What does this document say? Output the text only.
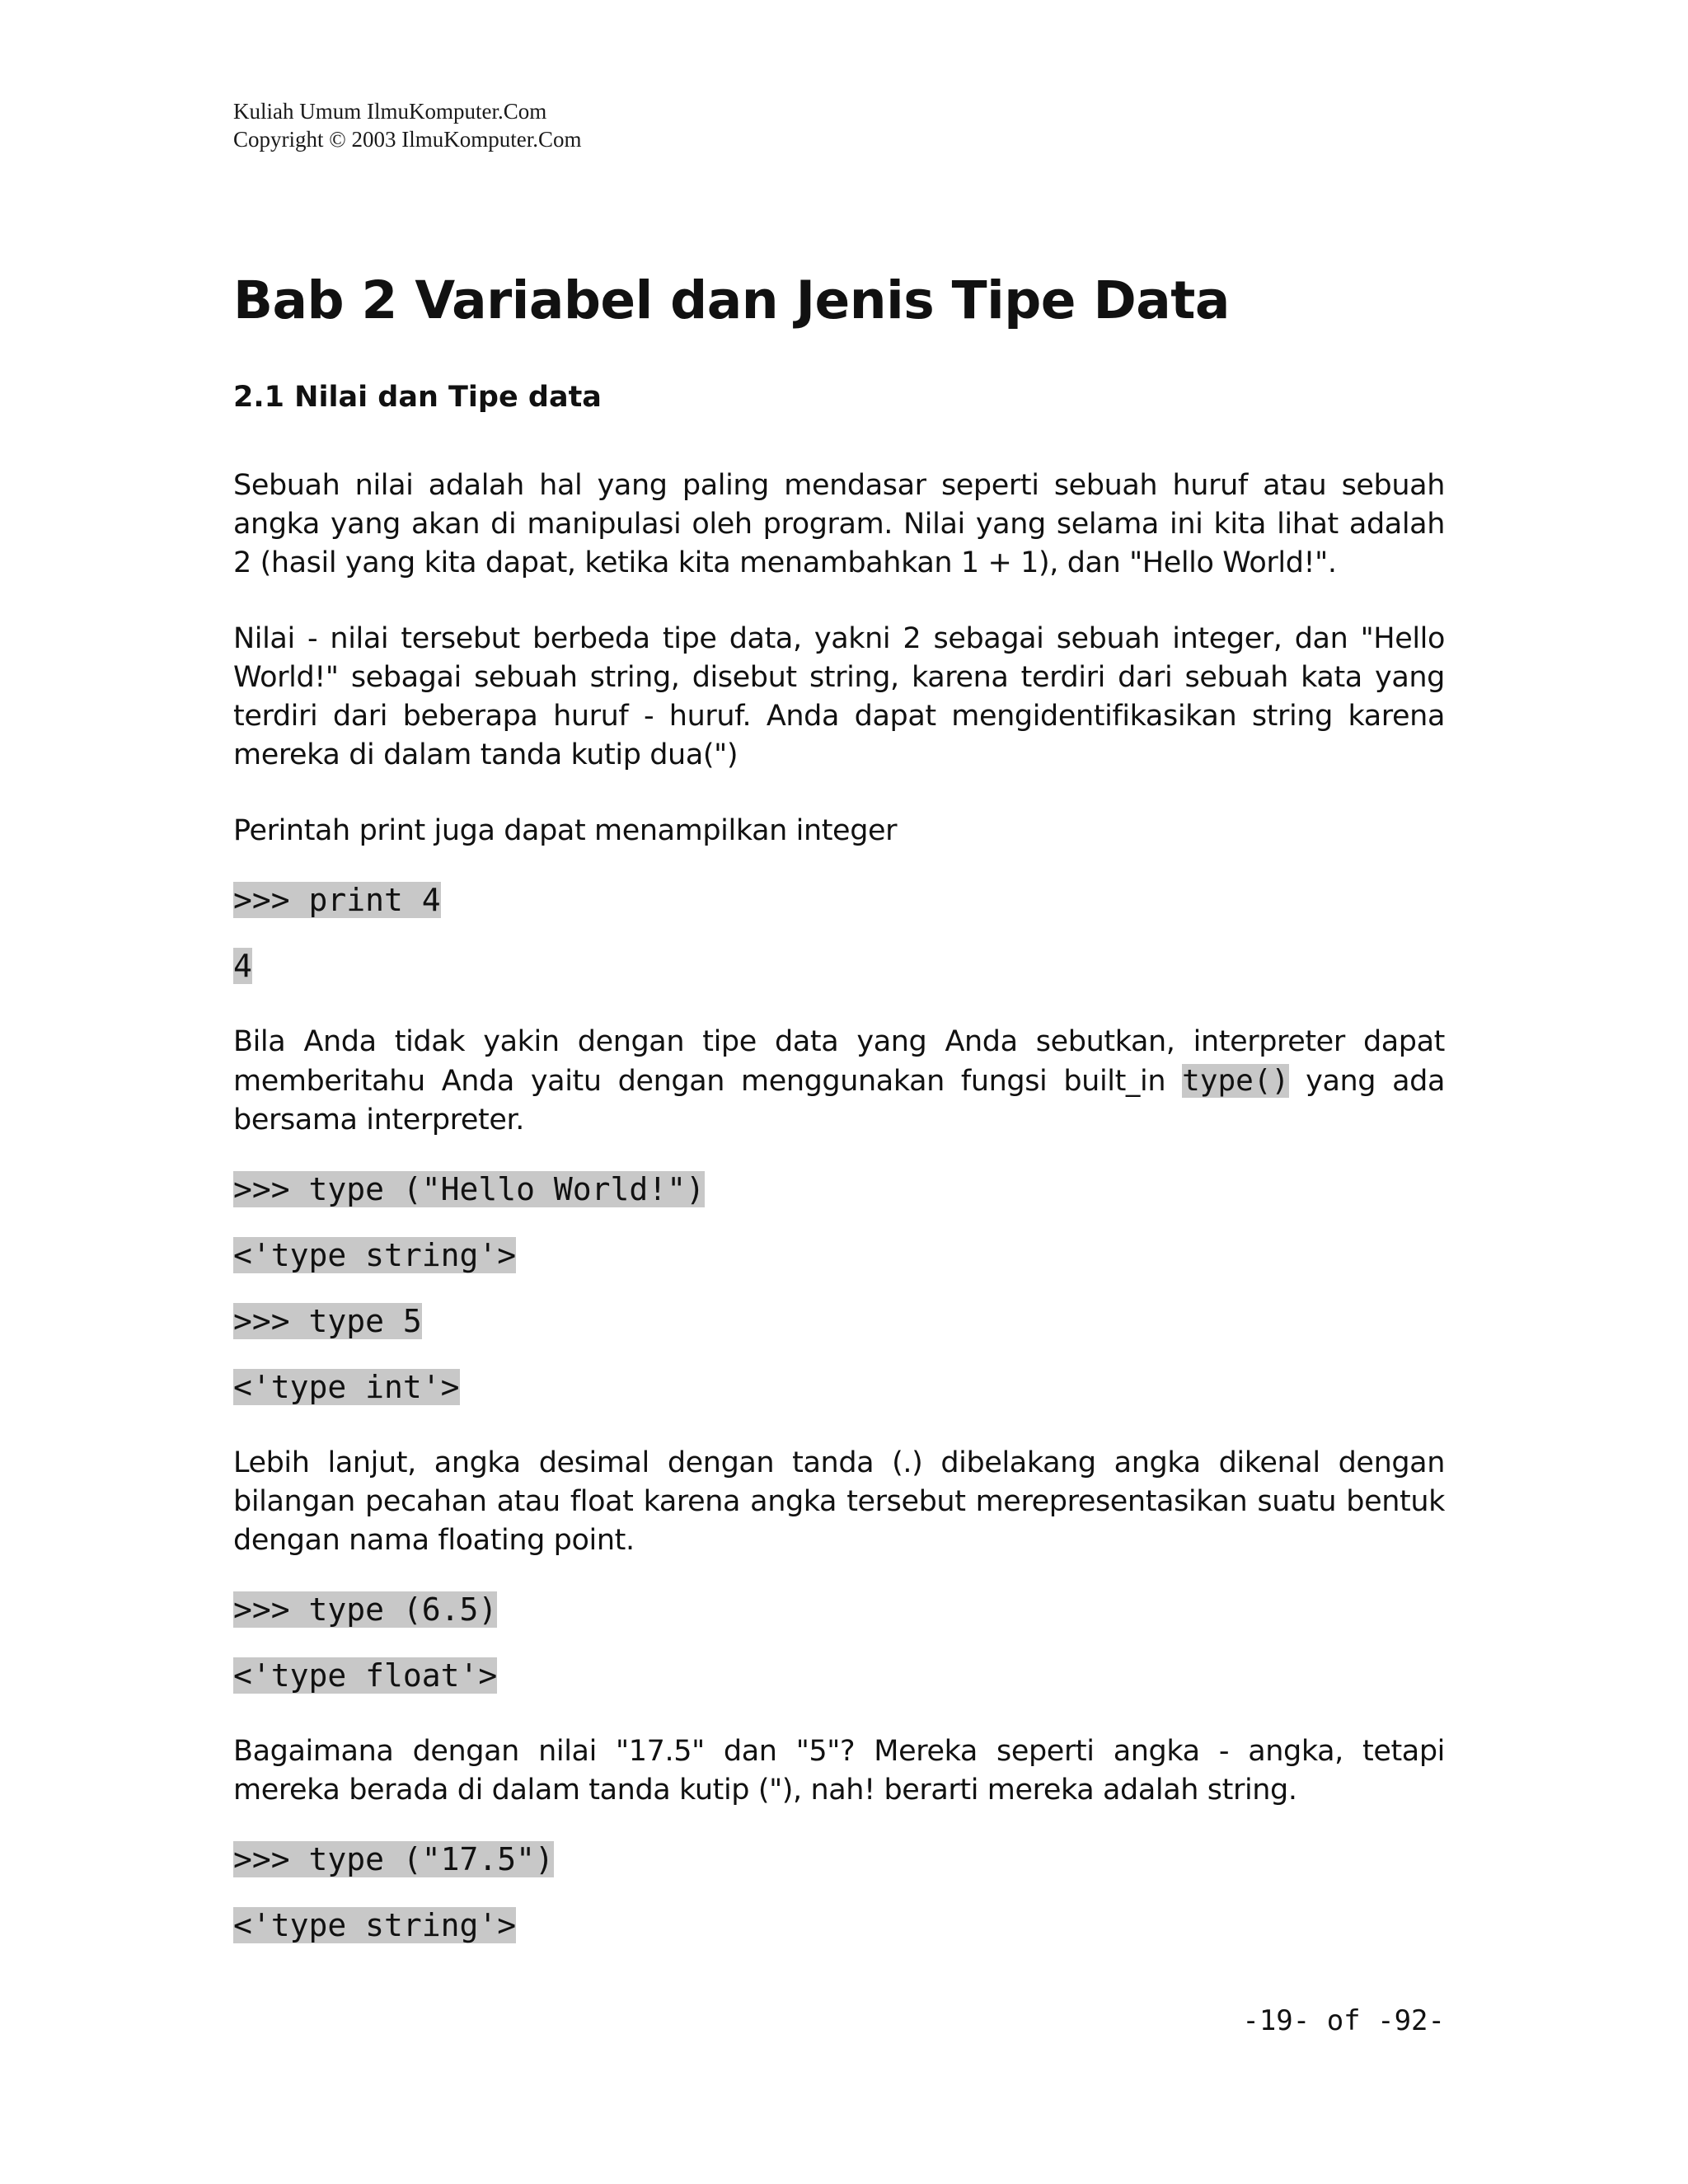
Kuliah Umum IlmuKomputer.Com
Copyright © 2003 IlmuKomputer.Com
Bab 2 Variabel dan Jenis Tipe Data
2.1 Nilai dan Tipe data

Sebuah nilai adalah hal yang paling mendasar seperti sebuah huruf atau sebuah angka yang akan di manipulasi oleh program. Nilai yang selama ini kita lihat adalah 2 (hasil yang kita dapat, ketika kita menambahkan 1 + 1), dan "Hello World!".

Nilai - nilai tersebut berbeda tipe data, yakni 2 sebagai sebuah integer, dan "Hello World!" sebagai sebuah string, disebut string, karena terdiri dari sebuah kata yang terdiri dari beberapa huruf - huruf. Anda dapat mengidentifikasikan string karena mereka di dalam tanda kutip dua(")

Perintah print juga dapat menampilkan integer

>>> print 4
4

Bila Anda tidak yakin dengan tipe data yang Anda sebutkan, interpreter dapat memberitahu Anda yaitu dengan menggunakan fungsi built_in type() yang ada bersama interpreter.

>>> type ("Hello World!")
<'type string'>
>>> type 5
<'type int'>

Lebih lanjut, angka desimal dengan tanda (.) dibelakang angka dikenal dengan bilangan pecahan atau float karena angka tersebut merepresentasikan suatu bentuk dengan nama floating point.

>>> type (6.5)
<'type float'>

Bagaimana dengan nilai "17.5" dan "5"? Mereka seperti angka - angka, tetapi mereka berada di dalam tanda kutip ("), nah! berarti mereka adalah string.

>>> type ("17.5")
<'type string'>
-19- of -92-
